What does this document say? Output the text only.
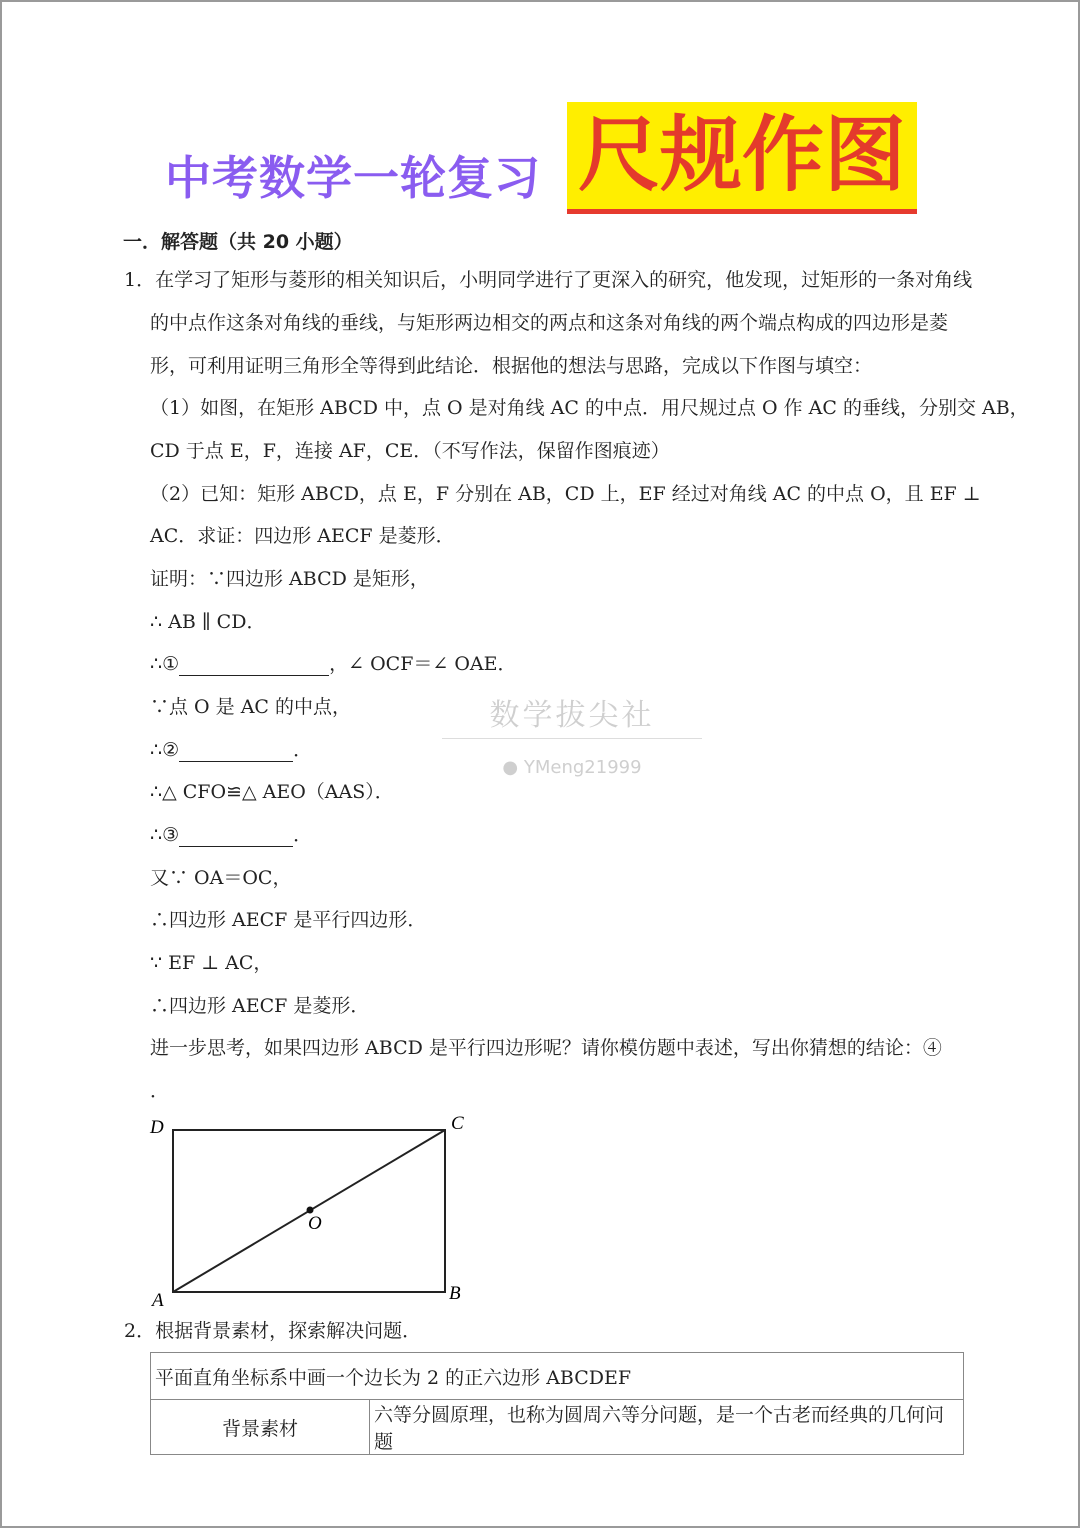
中考数学一轮复习 尺规作图
一．解答题（共 20 小题）
1．在学习了矩形与菱形的相关知识后，小明同学进行了更深入的研究，他发现，过矩形的一条对角线
的中点作这条对角线的垂线，与矩形两边相交的两点和这条对角线的两个端点构成的四边形是菱
形，可利用证明三角形全等得到此结论．根据他的想法与思路，完成以下作图与填空：
（1）如图，在矩形 ABCD 中，点 O 是对角线 AC 的中点．用尺规过点 O 作 AC 的垂线，分别交 AB，
CD 于点 E，F，连接 AF，CE．（不写作法，保留作图痕迹）
（2）已知：矩形 ABCD，点 E，F 分别在 AB，CD 上，EF 经过对角线 AC 的中点 O，且 EF ⊥
AC．求证：四边形 AECF 是菱形．
证明：∵四边形 ABCD 是矩形，
∴ AB ∥ CD．
∴①	，∠ OCF＝∠ OAE．
∵点 O 是 AC 的中点，
∴②	．
∴△ CFO≌△ AEO（AAS）．
∴③	．
又∵ OA＝OC，
∴四边形 AECF 是平行四边形．
∵ EF ⊥ AC，
∴四边形 AECF 是菱形．
进一步思考，如果四边形 ABCD 是平行四边形呢？请你模仿题中表述，写出你猜想的结论：④
．
数学拔尖社
● YMeng21999
D	C
O
A	B
2．根据背景素材，探索解决问题．
平面直角坐标系中画一个边长为 2 的正六边形 ABCDEF
背景素材	六等分圆原理，也称为圆周六等分问题，是一个古老而经典的几何问题
